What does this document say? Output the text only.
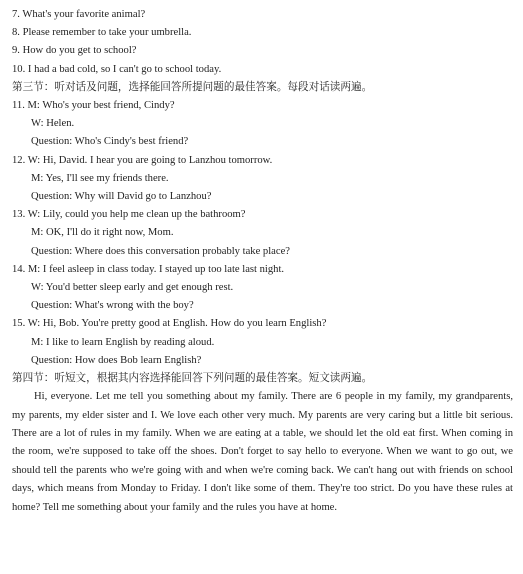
7. What's your favorite animal?
8. Please remember to take your umbrella.
9. How do you get to school?
10. I had a bad cold, so I can't go to school today.
第三节：听对话及问题，选择能回答所提问题的最佳答案。每段对话读两遍。
11. M: Who's your best friend, Cindy?
W: Helen.
Question: Who's Cindy's best friend?
12. W: Hi, David. I hear you are going to Lanzhou tomorrow.
M: Yes, I'll see my friends there.
Question: Why will David go to Lanzhou?
13. W: Lily, could you help me clean up the bathroom?
M: OK, I'll do it right now, Mom.
Question: Where does this conversation probably take place?
14. M: I feel asleep in class today. I stayed up too late last night.
W: You'd better sleep early and get enough rest.
Question: What's wrong with the boy?
15. W: Hi, Bob. You're pretty good at English. How do you learn English?
M: I like to learn English by reading aloud.
Question: How does Bob learn English?
第四节：听短文，根据其内容选择能回答下列问题的最佳答案。短文读两遍。
Hi, everyone. Let me tell you something about my family. There are 6 people in my family, my grandparents, my parents, my elder sister and I. We love each other very much. My parents are very caring but a little bit serious. There are a lot of rules in my family. When we are eating at a table, we should let the old eat first. When coming in the room, we're supposed to take off the shoes. Don't forget to say hello to everyone. When we want to go out, we should tell the parents who we're going with and when we're coming back. We can't hang out with friends on school days, which means from Monday to Friday. I don't like some of them. They're too strict. Do you have these rules at home? Tell me something about your family and the rules you have at home.
